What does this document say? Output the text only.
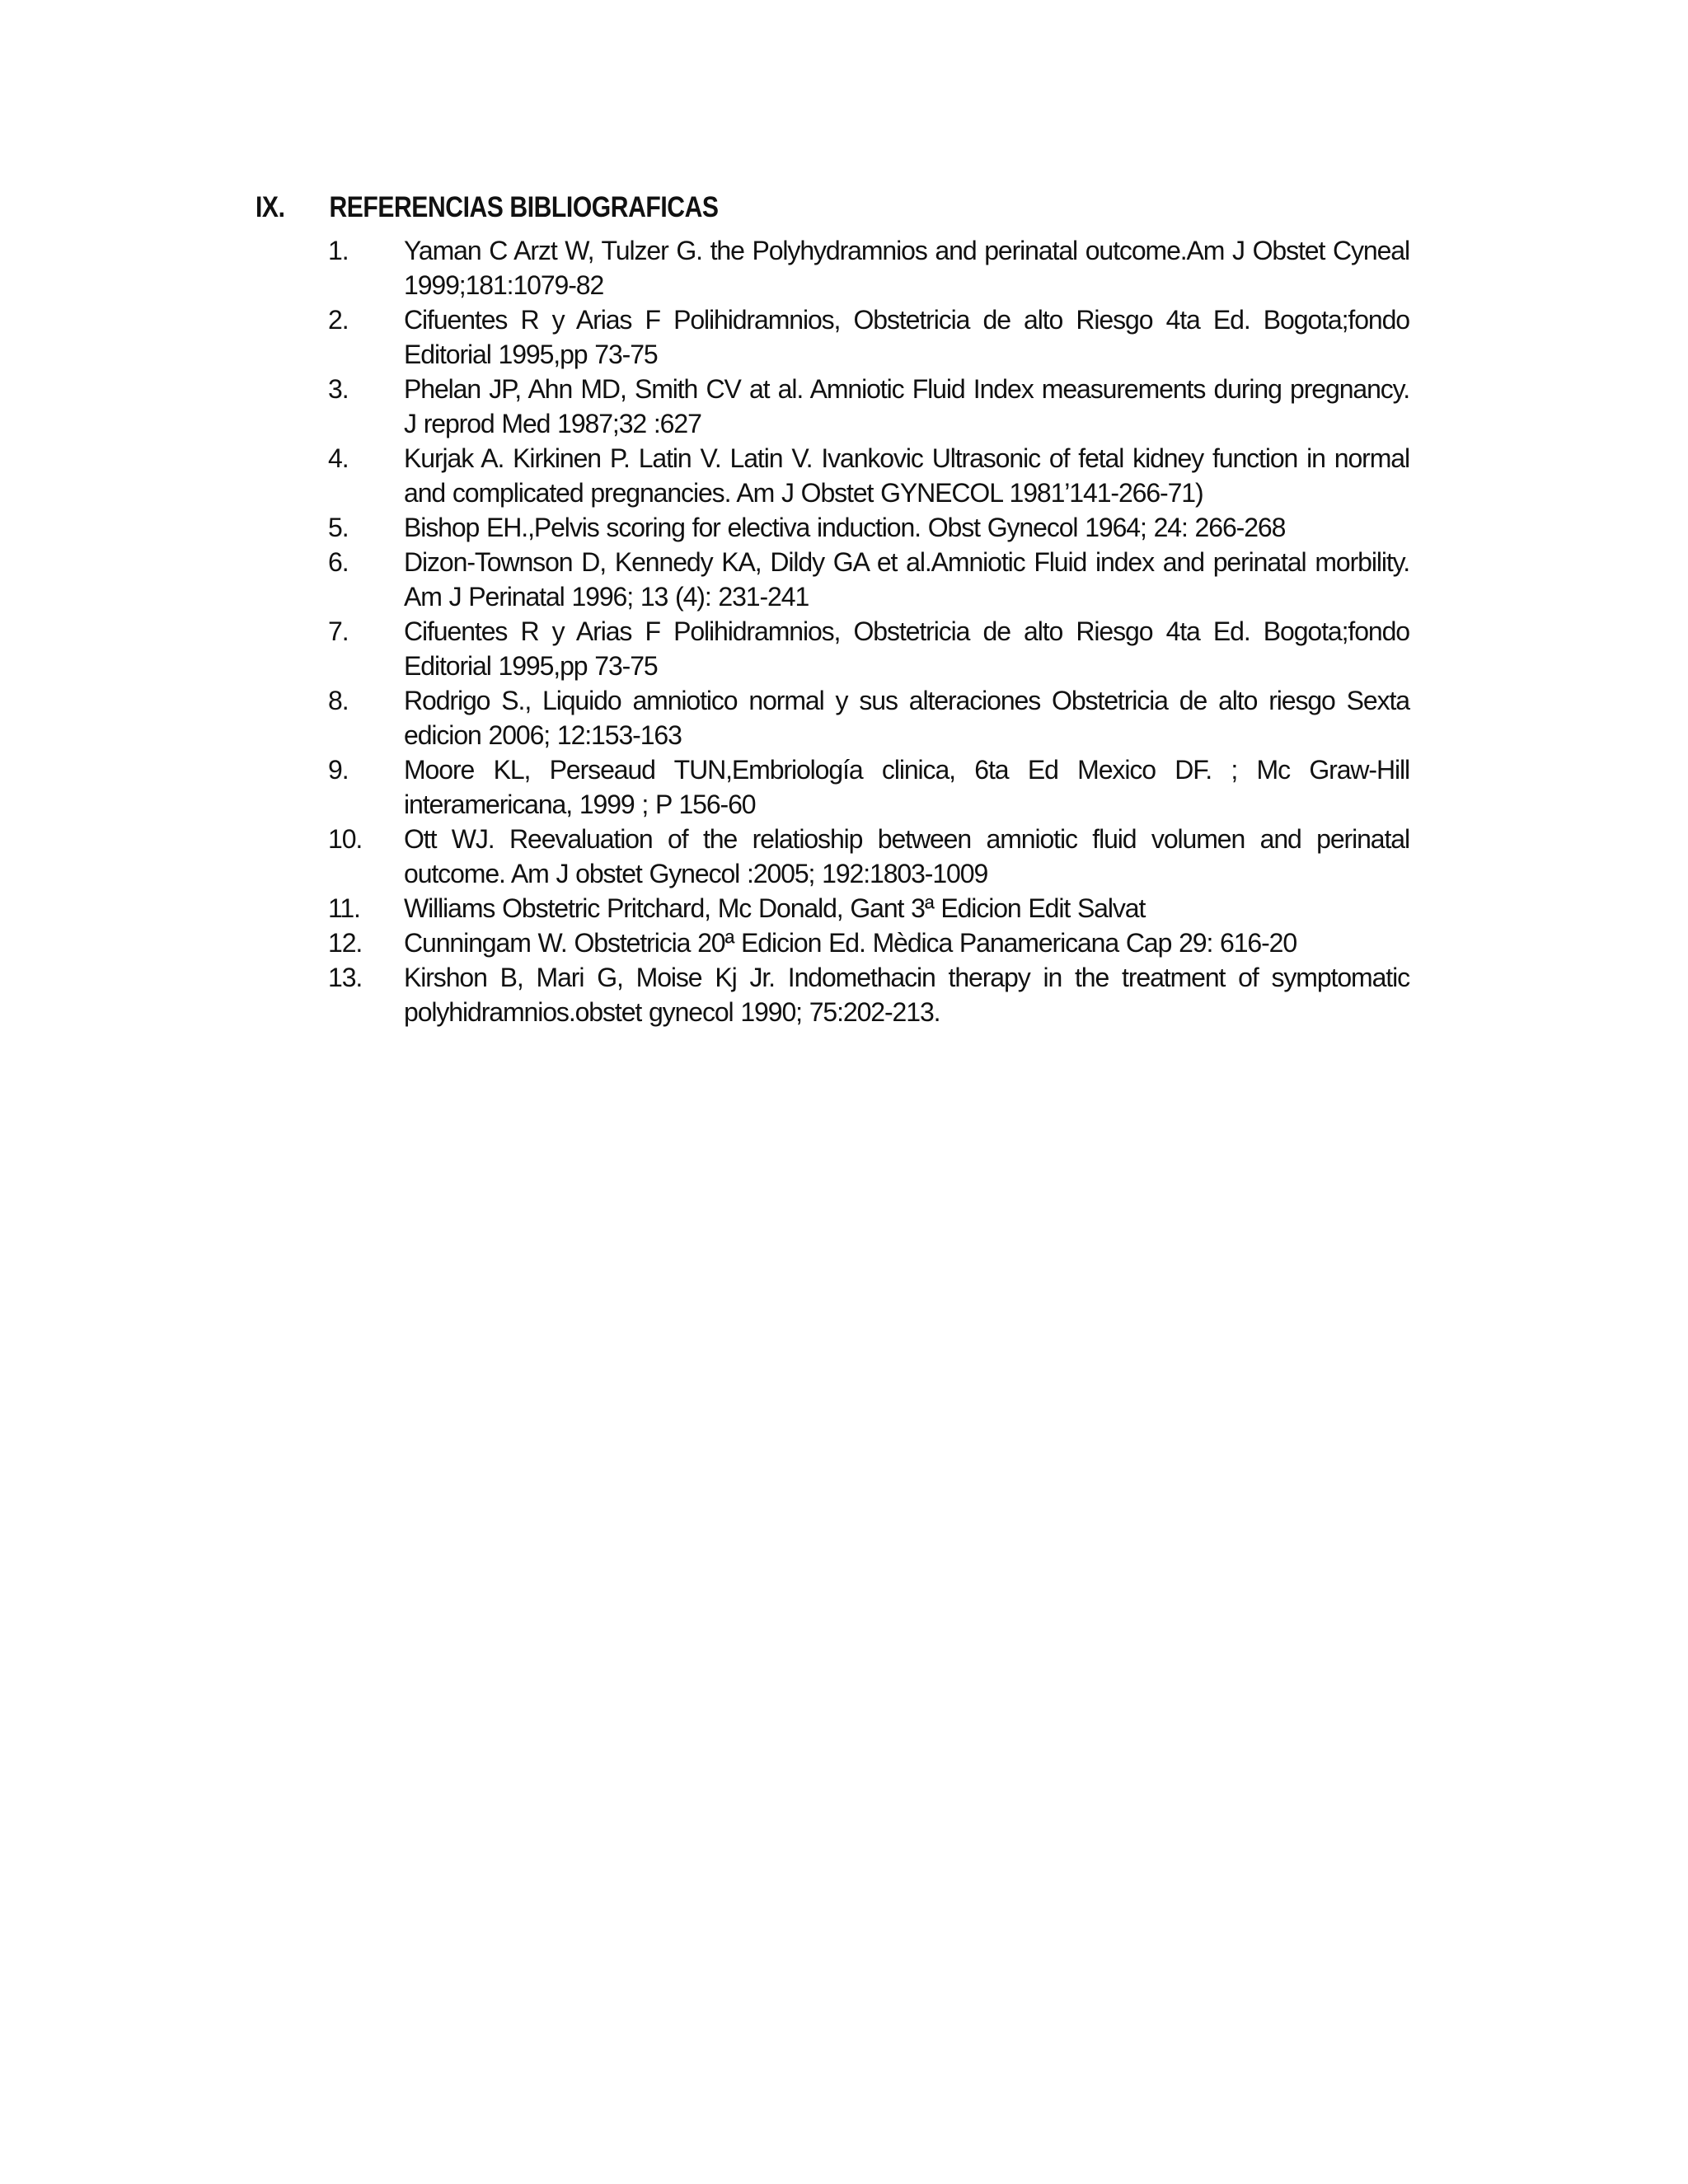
IX. REFERENCIAS BIBLIOGRAFICAS
1. Yaman C Arzt W, Tulzer G. the Polyhydramnios and perinatal outcome.Am J Obstet Cyneal 1999;181:1079-82
2. Cifuentes R y Arias F Polihidramnios, Obstetricia de alto Riesgo 4ta Ed. Bogota;fondo Editorial 1995,pp 73-75
3. Phelan JP, Ahn MD, Smith CV at al. Amniotic Fluid Index measurements during pregnancy. J reprod Med 1987;32 :627
4. Kurjak A. Kirkinen P. Latin V. Latin V. Ivankovic Ultrasonic of fetal kidney function in normal and complicated pregnancies. Am J Obstet GYNECOL 1981’141-266-71)
5. Bishop EH.,Pelvis scoring for electiva induction. Obst Gynecol 1964; 24: 266-268
6. Dizon-Townson D, Kennedy KA, Dildy GA et al.Amniotic Fluid index and perinatal morbility. Am J Perinatal 1996; 13 (4): 231-241
7. Cifuentes R y Arias F Polihidramnios, Obstetricia de alto Riesgo 4ta Ed. Bogota;fondo Editorial 1995,pp 73-75
8. Rodrigo S., Liquido amniotico normal y sus alteraciones Obstetricia de alto riesgo Sexta edicion 2006; 12:153-163
9. Moore KL, Perseaud TUN,Embriología clinica, 6ta Ed Mexico DF. ; Mc Graw-Hill interamericana, 1999 ; P 156-60
10. Ott WJ. Reevaluation of the relatioship between amniotic fluid volumen and perinatal outcome. Am J obstet Gynecol :2005; 192:1803-1009
11. Williams Obstetric Pritchard, Mc Donald, Gant 3ª Edicion Edit Salvat
12. Cunningam W. Obstetricia 20ª Edicion Ed. Mèdica Panamericana Cap 29: 616-20
13. Kirshon B, Mari G, Moise Kj Jr. Indomethacin therapy in the treatment of symptomatic polyhidramnios.obstet gynecol 1990; 75:202-213.
